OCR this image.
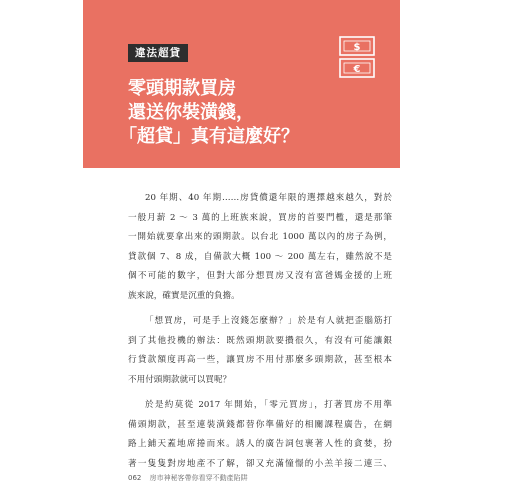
違法超貸	$
€
零頭期款買房
還送你裝潢錢，
「超貸」真有這麼好？

20 年期、40 年期……房貸償還年限的選擇越來越久，對於
一般月薪 2 ～ 3 萬的上班族來說，買房的首要門檻，還是那筆
一開始就要拿出來的頭期款。以台北 1000 萬以內的房子為例，
貸款個 7、8 成，自備款大概 100 ～ 200 萬左右，雖然說不是
個不可能的數字，但對大部分想買房又沒有富爸媽金援的上班
族來說，確實是沉重的負擔。

「想買房，可是手上沒錢怎麼辦？」於是有人就把歪腦筋打
到了其他投機的辦法：既然頭期款要攢很久，有沒有可能讓銀
行貸款額度再高一些，讓買房不用付那麼多頭期款，甚至根本
不用付頭期款就可以買呢？

於是約莫從 2017 年開始，「零元買房」，打著買房不用準
備頭期款，甚至連裝潢錢都替你準備好的相關課程廣告，在網
路上鋪天蓋地席捲而來。誘人的廣告詞包裹著人性的貪婪，扮
著一隻隻對房地產不了解，卻又充滿憧憬的小羔羊接二連三、

062 房市神秘客帶你看穿不動產陷阱
